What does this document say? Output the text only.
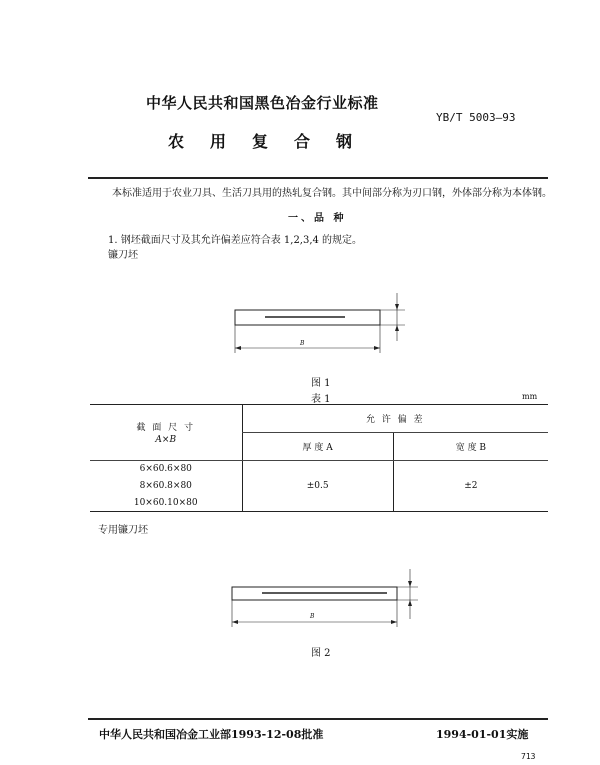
中华人民共和国黑色冶金行业标准
YB/T 5003—93
农用复合钢
本标准适用于农业刀具、生活刀具用的热轧复合钢。其中间部分称为刃口钢，外体部分称为本体钢。
一、品 种
1. 钢坯截面尺寸及其允许偏差应符合表 1,2,3,4 的规定。
镰刀坯
B
图 1
表 1	mm
截 面 尺 寸
A×B	允 许 偏 差	
	厚 度 A	宽 度 B
6×60.6×80	±0.5	±2
8×60.8×80		
10×60.10×80		
专用镰刀坯
B
图 2
中华人民共和国冶金工业部1993-12-08批准	1994-01-01实施
713
